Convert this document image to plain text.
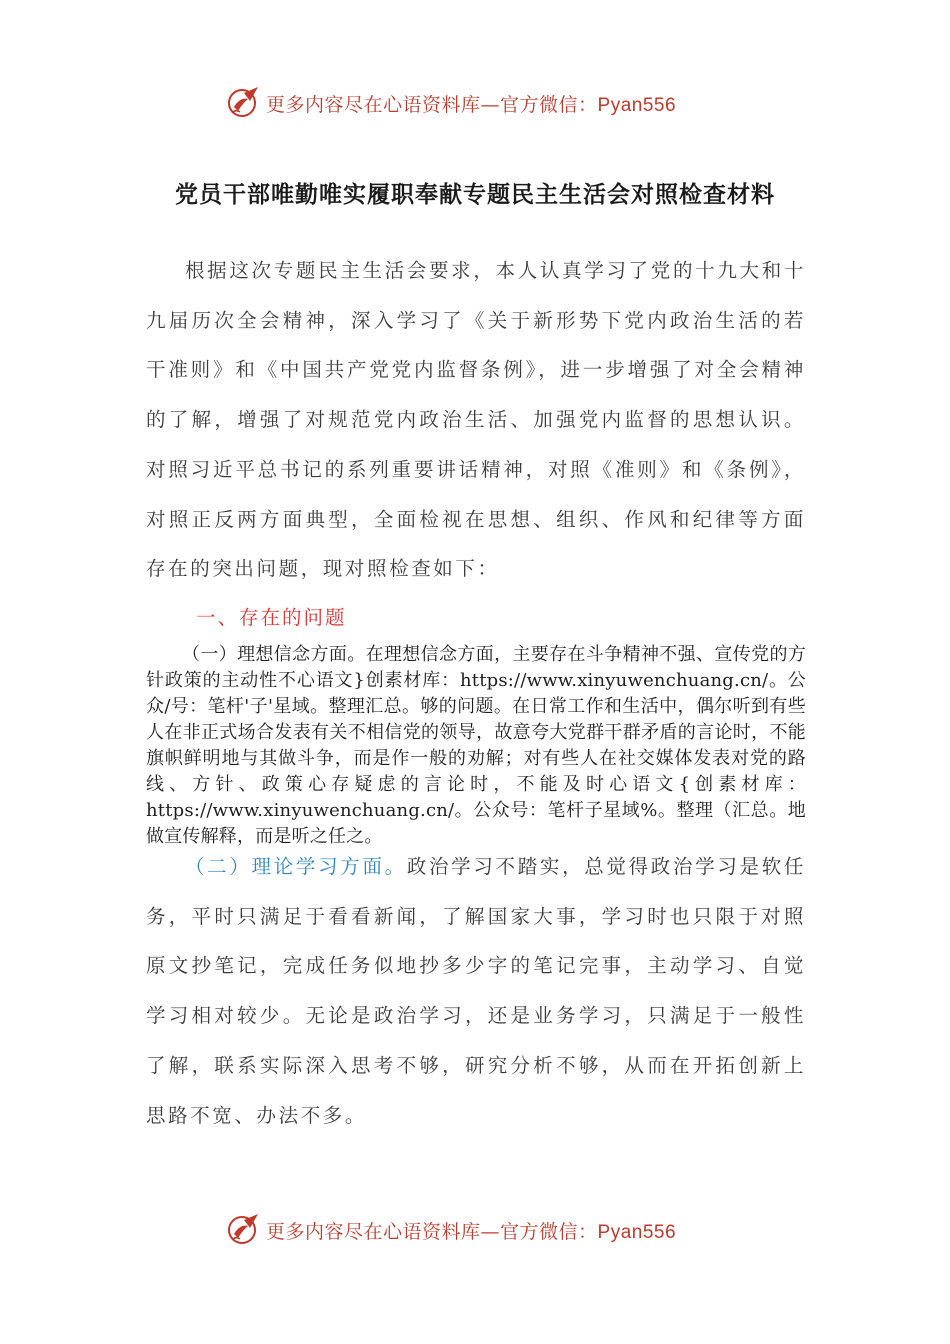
更多内容尽在心语资料库—官方微信：Pyan556
党员干部唯勤唯实履职奉献专题民主生活会对照检查材料

根据这次专题民主生活会要求，本人认真学习了党的十九大和十九届历次全会精神，深入学习了《关于新形势下党内政治生活的若干准则》和《中国共产党党内监督条例》，进一步增强了对全会精神的了解，增强了对规范党内政治生活、加强党内监督的思想认识。对照习近平总书记的系列重要讲话精神，对照《准则》和《条例》，对照正反两方面典型，全面检视在思想、组织、作风和纪律等方面存在的突出问题，现对照检查如下：

一、存在的问题

（一）理想信念方面。在理想信念方面，主要存在斗争精神不强、宣传党的方针政策的主动性不心语文}创素材库：https://www.xinyuwenchuang.cn/。公众/号：笔杆'子'星域。整理汇总。够的问题。在日常工作和生活中，偶尔听到有些人在非正式场合发表有关不相信党的领导，故意夸大党群干群矛盾的言论时，不能旗帜鲜明地与其做斗争，而是作一般的劝解；对有些人在社交媒体发表对党的路线、方针、政策心存疑虑的言论时，不能及时心语文{创素材库：https://www.xinyuwenchuang.cn/。公众号：笔杆子星域%。整理（汇总。地做宣传解释，而是听之任之。

（二）理论学习方面。政治学习不踏实，总觉得政治学习是软任务，平时只满足于看看新闻，了解国家大事，学习时也只限于对照原文抄笔记，完成任务似地抄多少字的笔记完事，主动学习、自觉学习相对较少。无论是政治学习，还是业务学习，只满足于一般性了解，联系实际深入思考不够，研究分析不够，从而在开拓创新上思路不宽、办法不多。

更多内容尽在心语资料库—官方微信：Pyan556
